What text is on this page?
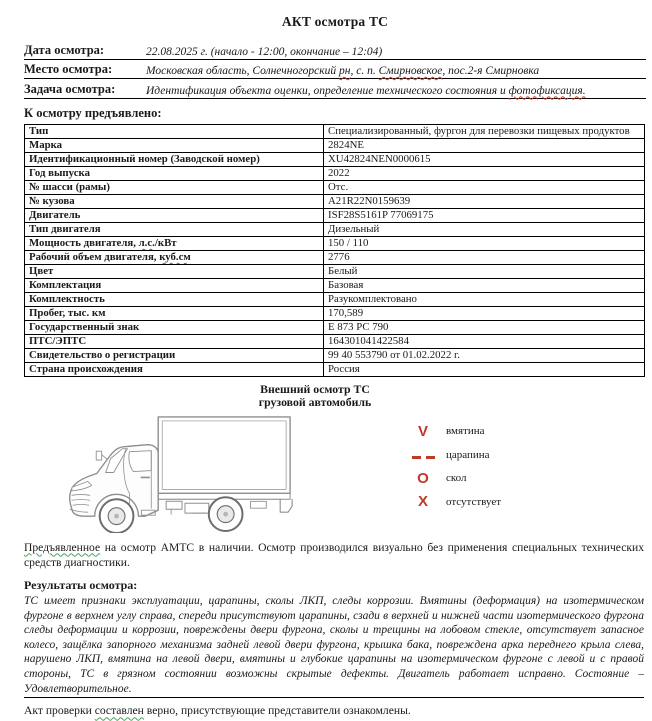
АКТ осмотра ТС
Дата осмотра:	22.08.2025 г. (начало - 12:00, окончание – 12:04)
Место осмотра:	Московская область, Солнечногорский рн, с. п. Смирновское, пос.2-я Смирновка
Задача осмотра:	Идентификация объекта оценки, определение технического состояния и фотофиксация.
К осмотру предъявлено:
Тип	Специализированный, фургон для перевозки пищевых продуктов
Марка	2824NE
Идентификационный номер (Заводской номер)	XU42824NEN0000615
Год выпуска	2022
№ шасси (рамы)	Отс.
№ кузова	A21R22N0159639
Двигатель	ISF28S5161P 77069175
Тип двигателя	Дизельный
Мощность двигателя, л.с./кВт	150 / 110
Рабочий объем двигателя, куб.см	2776
Цвет	Белый
Комплектация	Базовая
Комплектность	Разукомплектовано
Пробег, тыс. км	170,589
Государственный знак	Е 873 РС 790
ПТС/ЭПТС	164301041422584
Свидетельство о регистрации	99 40 553790 от 01.02.2022 г.
Страна происхождения	Россия
Внешний осмотр ТС
грузовой автомобиль
V	вмятина
царапина
O	скол
X	отсутствует
Предъявленное на осмотр АМТС в наличии. Осмотр производился визуально без применения специальных технических средств диагностики.
Результаты осмотра:
ТС имеет признаки эксплуатации, царапины, сколы ЛКП, следы коррозии. Вмятины (деформация) на изотермическом фургоне в верхнем углу справа, спереди присутствуют царапины, сзади в верхней и нижней части изотермического фургона следы деформации и коррозии, повреждены двери фургона, сколы и трещины на лобовом стекле, отсутствует запасное колесо, защёлка запорного механизма задней левой двери фургона, крышка бака, повреждена арка переднего крыла слева, нарушено ЛКП, вмятина на левой двери, вмятины и глубокие царапины на изотермическом фургоне с левой и с правой стороны, ТС в грязном состоянии возможны скрытые дефекты. Двигатель работает исправно. Состояние – Удовлетворительное.
Акт проверки составлен верно, присутствующие представители ознакомлены.
